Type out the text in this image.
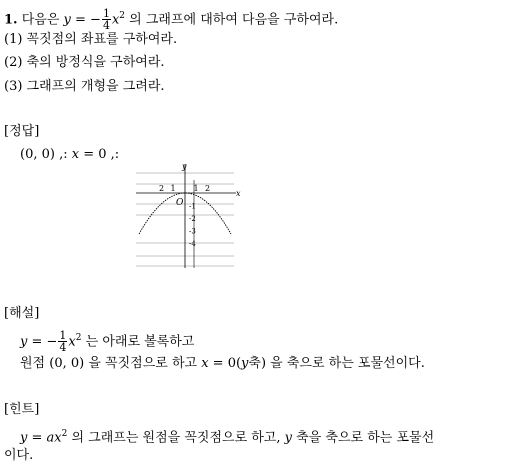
1. 다음은 y = − $\frac{1}{4} x^2$ 의 그래프에 대하여 다음을 구하여라.
(1) 꼭짓점의 좌표를 구하여라.
(2) 축의 방정식을 구하여라.
(3) 그래프의 개형을 그려라.
[정답]
(0, 0) ,: x = 0 ,:
x
y
O
2 1 1 2
-1
-2
-3
-4
[해설]
y = − $\frac{1}{4} x^2$ 는 아래로 볼록하고
원점 (0, 0) 을 꼭짓점으로 하고 x = 0(y축) 을 축으로 하는 포물선이다.
[힌트]
$y = ax^2$ 의 그래프는 원점을 꼭짓점으로 하고, y 축을 축으로 하는 포물선
이다.
